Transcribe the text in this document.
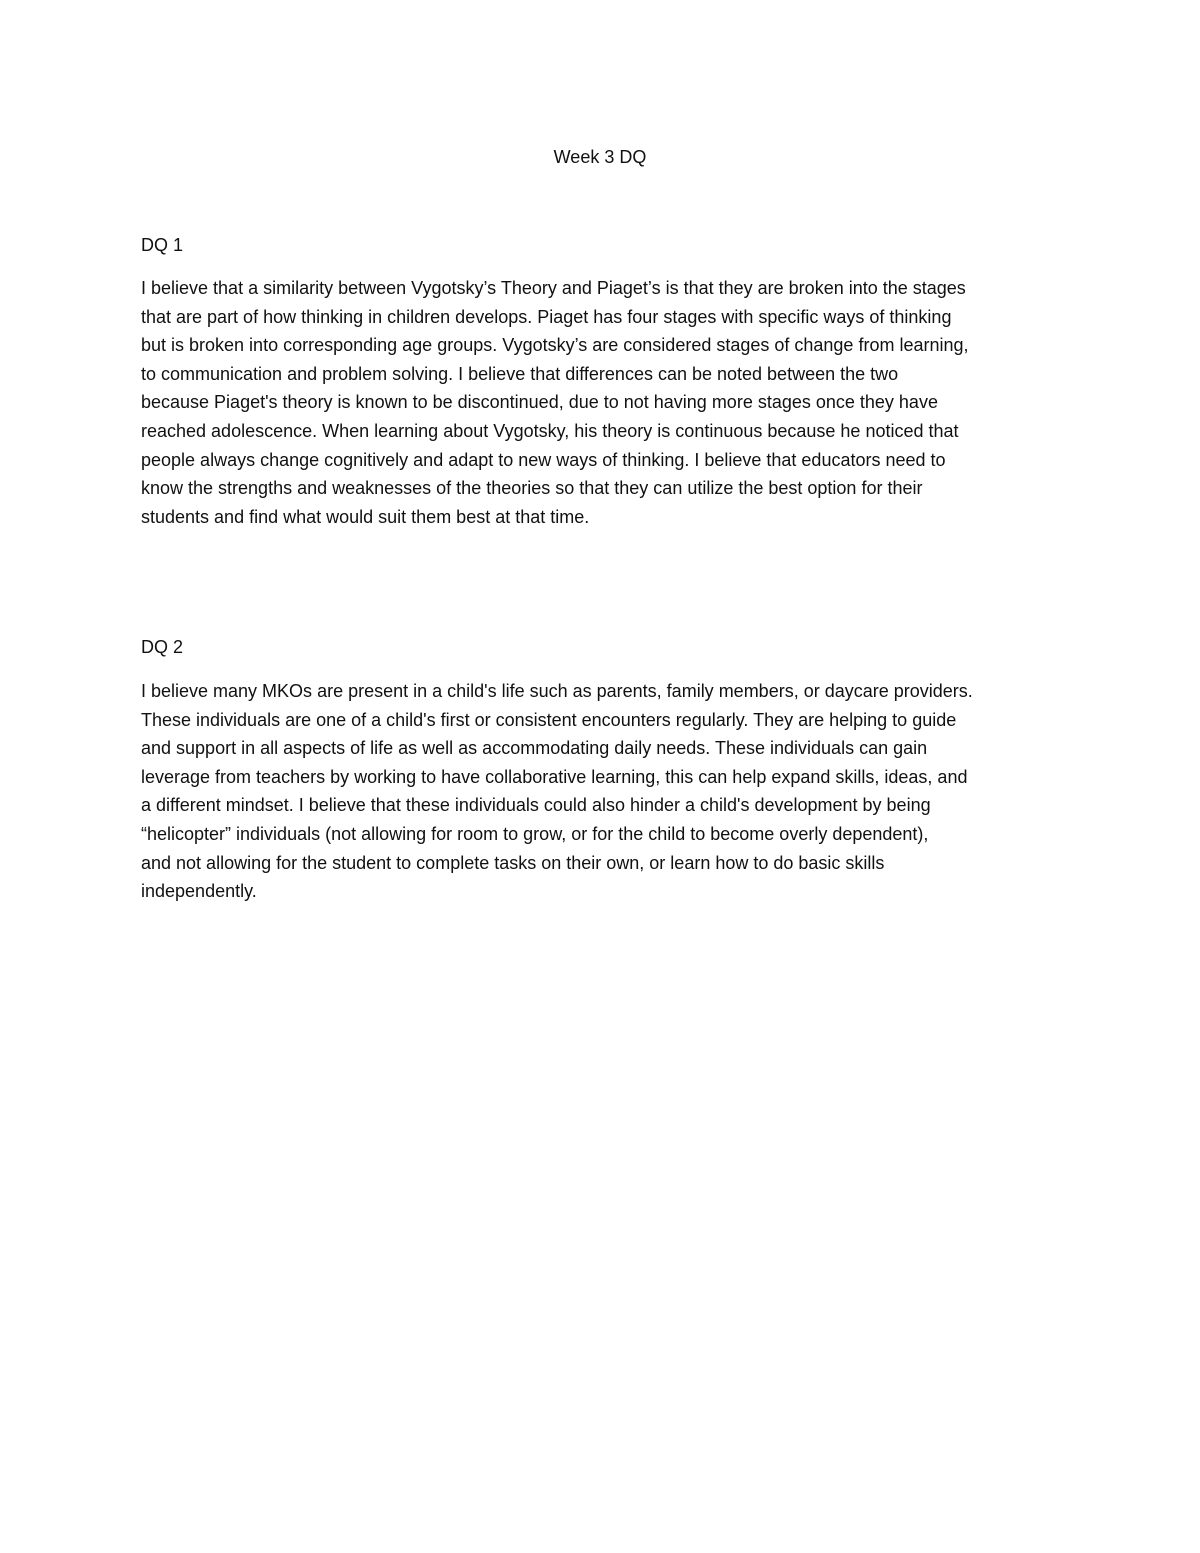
Week 3 DQ
DQ 1
I believe that a similarity between Vygotsky’s Theory and Piaget’s is that they are broken into the stages
that are part of how thinking in children develops. Piaget has four stages with specific ways of thinking
but is broken into corresponding age groups. Vygotsky’s are considered stages of change from learning,
to communication and problem solving. I believe that differences can be noted between the two
because Piaget's theory is known to be discontinued, due to not having more stages once they have
reached adolescence. When learning about Vygotsky, his theory is continuous because he noticed that
people always change cognitively and adapt to new ways of thinking. I believe that educators need to
know the strengths and weaknesses of the theories so that they can utilize the best option for their
students and find what would suit them best at that time.
DQ 2
I believe many MKOs are present in a child's life such as parents, family members, or daycare providers.
These individuals are one of a child's first or consistent encounters regularly. They are helping to guide
and support in all aspects of life as well as accommodating daily needs. These individuals can gain
leverage from teachers by working to have collaborative learning, this can help expand skills, ideas, and
a different mindset. I believe that these individuals could also hinder a child's development by being
“helicopter” individuals (not allowing for room to grow, or for the child to become overly dependent),
and not allowing for the student to complete tasks on their own, or learn how to do basic skills
independently.
